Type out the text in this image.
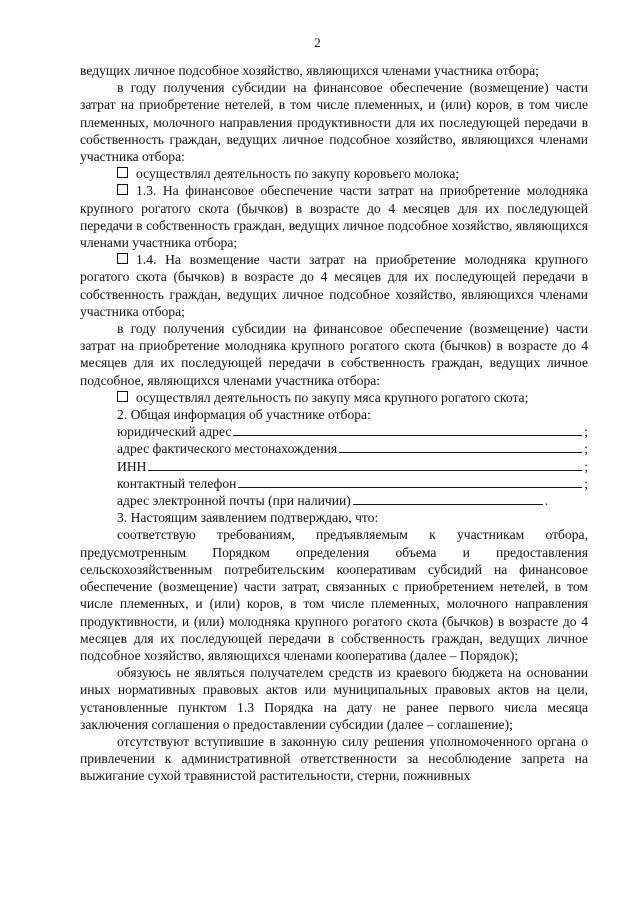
2

ведущих личное подсобное хозяйство, являющихся членами участника отбора;

в году получения субсидии на финансовое обеспечение (возмещение) части затрат на приобретение нетелей, в том числе племенных, и (или) коров, в том числе племенных, молочного направления продуктивности для их последующей передачи в собственность граждан, ведущих личное подсобное хозяйство, являющихся членами участника отбора:

осуществлял деятельность по закупу коровьего молока;

1.3. На финансовое обеспечение части затрат на приобретение молодняка крупного рогатого скота (бычков) в возрасте до 4 месяцев для их последующей передачи в собственность граждан, ведущих личное подсобное хозяйство, являющихся членами участника отбора;

1.4. На возмещение части затрат на приобретение молодняка крупного рогатого скота (бычков) в возрасте до 4 месяцев для их последующей передачи в собственность граждан, ведущих личное подсобное хозяйство, являющихся членами участника отбора;

в году получения субсидии на финансовое обеспечение (возмещение) части затрат на приобретение молодняка крупного рогатого скота (бычков) в возрасте до 4 месяцев для их последующей передачи в собственность граждан, ведущих личное подсобное, являющихся членами участника отбора:

осуществлял деятельность по закупу мяса крупного рогатого скота;

2. Общая информация об участнике отбора:

юридический адрес	;
адрес фактического местонахождения	;
ИНН	;
контактный телефон	;
адрес электронной почты (при наличии)	.

3. Настоящим заявлением подтверждаю, что:

соответствую требованиям, предъявляемым к участникам отбора, предусмотренным Порядком определения объема и предоставления сельскохозяйственным потребительским кооперативам субсидий на финансовое обеспечение (возмещение) части затрат, связанных с приобретением нетелей, в том числе племенных, и (или) коров, в том числе племенных, молочного направления продуктивности, и (или) молодняка крупного рогатого скота (бычков) в возрасте до 4 месяцев для их последующей передачи в собственность граждан, ведущих личное подсобное хозяйство, являющихся членами кооператива (далее – Порядок);

обязуюсь не являться получателем средств из краевого бюджета на основании иных нормативных правовых актов или муниципальных правовых актов на цели, установленные пунктом 1.3 Порядка на дату не ранее первого числа месяца заключения соглашения о предоставлении субсидии (далее – соглашение);

отсутствуют вступившие в законную силу решения уполномоченного органа о привлечении к административной ответственности за несоблюдение запрета на выжигание сухой травянистой растительности, стерни, пожнивных
